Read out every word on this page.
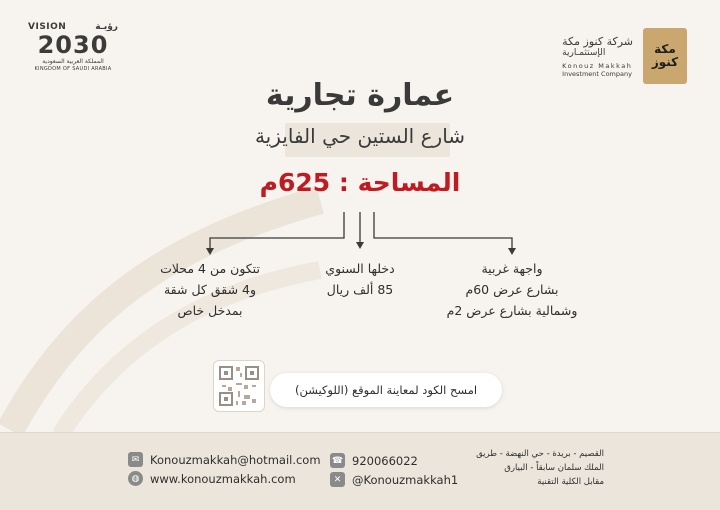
VISION	رؤيـة
2030
المملكة العربية السعودية
KINGDOM OF SAUDI ARABIA
شركة كنوز مكة
الإستثمـارية
Konouz Makkah
Investment Company
مكة
كنوز
عمارة تجارية
شارع الستين حي الفايزية
المساحة : 625م
تتكون من 4 محلات
و4 شقق كل شقة
بمدخل خاص
دخلها السنوي
85 ألف ريال
واجهة غربية
بشارع عرض 60م
وشمالية بشارع عرض 2م
امسح الكود لمعاينة الموقع (اللوكيشن)
✉ Konouzmakkah@hotmail.com
◍ www.konouzmakkah.com
☎ 920066022
✕ @Konouzmakkah1
القصيم - بريدة - حي النهضة - طريق
الملك سلمان سابقاً - البيارق
مقابل الكلية التقنية
